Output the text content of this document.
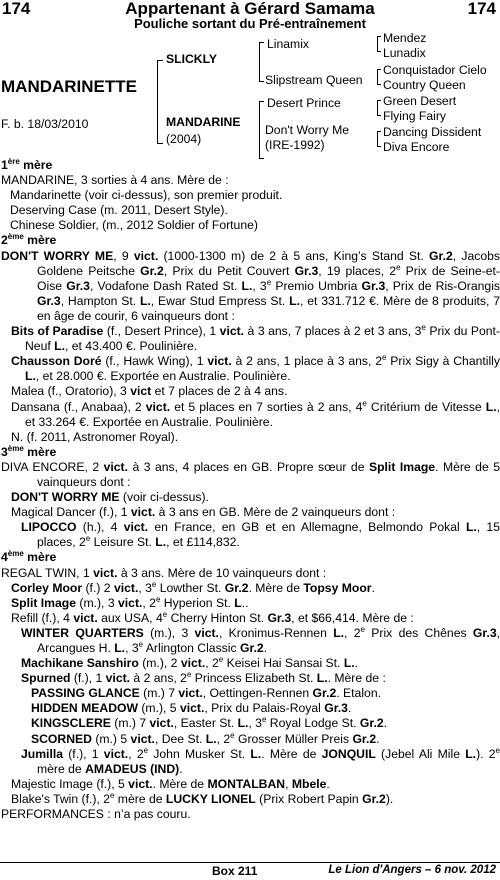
Appartenant à Gérard Samama
174	174
Pouliche sortant du Pré-entraînement
MANDARINETTE
F. b. 18/03/2010
SLICKLY
MANDARINE
(2004)
Linamix
Slipstream Queen
Desert Prince
Don't Worry Me
(IRE-1992)
Mendez
Lunadix
Conquistador Cielo
Country Queen
Green Desert
Flying Fairy
Dancing Dissident
Diva Encore
1ère mère
MANDARINE, 3 sorties à 4 ans. Mère de :
Mandarinette (voir ci-dessus), son premier produit.
Deserving Case (m. 2011, Desert Style).
Chinese Soldier, (m., 2012 Soldier of Fortune)
2ème mère
DON'T WORRY ME, 9 vict. (1000-1300 m) de 2 à 5 ans, King’s Stand St. Gr.2, Jacobs Goldene Peitsche Gr.2, Prix du Petit Couvert Gr.3, 19 places, 2e Prix de Seine-et-Oise Gr.3, Vodafone Dash Rated St. L., 3e Premio Umbria Gr.3, Prix de Ris-Orangis Gr.3, Hampton St. L., Ewar Stud Empress St. L., et 331.712 €. Mère de 8 produits, 7 en âge de courir, 6 vainqueurs dont :
Bits of Paradise (f., Desert Prince), 1 vict. à 3 ans, 7 places à 2 et 3 ans, 3e Prix du Pont-Neuf L., et 43.400 €. Poulinière.
Chausson Doré (f., Hawk Wing), 1 vict. à 2 ans, 1 place à 3 ans, 2e Prix Sigy à Chantilly L., et 28.000 €. Exportée en Australie. Poulinière.
Malea (f., Oratorio), 3 vict et 7 places de 2 à 4 ans.
Dansana (f., Anabaa), 2 vict. et 5 places en 7 sorties à 2 ans, 4e Critérium de Vitesse L., et 33.264 €. Exportée en Australie. Poulinière.
N. (f. 2011, Astronomer Royal).
3ème mère
DIVA ENCORE, 2 vict. à 3 ans, 4 places en GB. Propre sœur de Split Image. Mère de 5 vainqueurs dont :
DON'T WORRY ME (voir ci-dessus).
Magical Dancer (f.), 1 vict. à 3 ans en GB. Mère de 2 vainqueurs dont :
LIPOCCO (h.), 4 vict. en France, en GB et en Allemagne, Belmondo Pokal L., 15 places, 2e Leisure St. L., et £114,832.
4ème mère
REGAL TWIN, 1 vict. à 3 ans. Mère de 10 vainqueurs dont :
Corley Moor (f.) 2 vict., 3e Lowther St. Gr.2. Mère de Topsy Moor.
Split Image (m.), 3 vict., 2e Hyperion St. L..
Refill (f.), 4 vict. aux USA, 4e Cherry Hinton St. Gr.3, et $66,414. Mère de :
WINTER QUARTERS (m.), 3 vict., Kronimus-Rennen L., 2e Prix des Chênes Gr.3, Arcangues H. L., 3e Arlington Classic Gr.2.
Machikane Sanshiro (m.), 2 vict., 2e Keisei Hai Sansai St. L..
Spurned (f.), 1 vict. à 2 ans, 2e Princess Elizabeth St. L.. Mère de :
PASSING GLANCE (m.) 7 vict., Oettingen-Rennen Gr.2. Etalon.
HIDDEN MEADOW (m.), 5 vict., Prix du Palais-Royal Gr.3.
KINGSCLERE (m.) 7 vict., Easter St. L., 3e Royal Lodge St. Gr.2.
SCORNED (m.) 5 vict., Dee St. L., 2e Grosser Müller Preis Gr.2.
Jumilla (f.), 1 vict., 2e John Musker St. L.. Mère de JONQUIL (Jebel Ali Mile L.). 2e mère de AMADEUS (IND).
Majestic Image (f.), 5 vict.. Mère de MONTALBAN, Mbele.
Blake's Twin (f.), 2e mère de LUCKY LIONEL (Prix Robert Papin Gr.2).
PERFORMANCES : n’a pas couru.
Box 211	Le Lion d'Angers – 6 nov. 2012
